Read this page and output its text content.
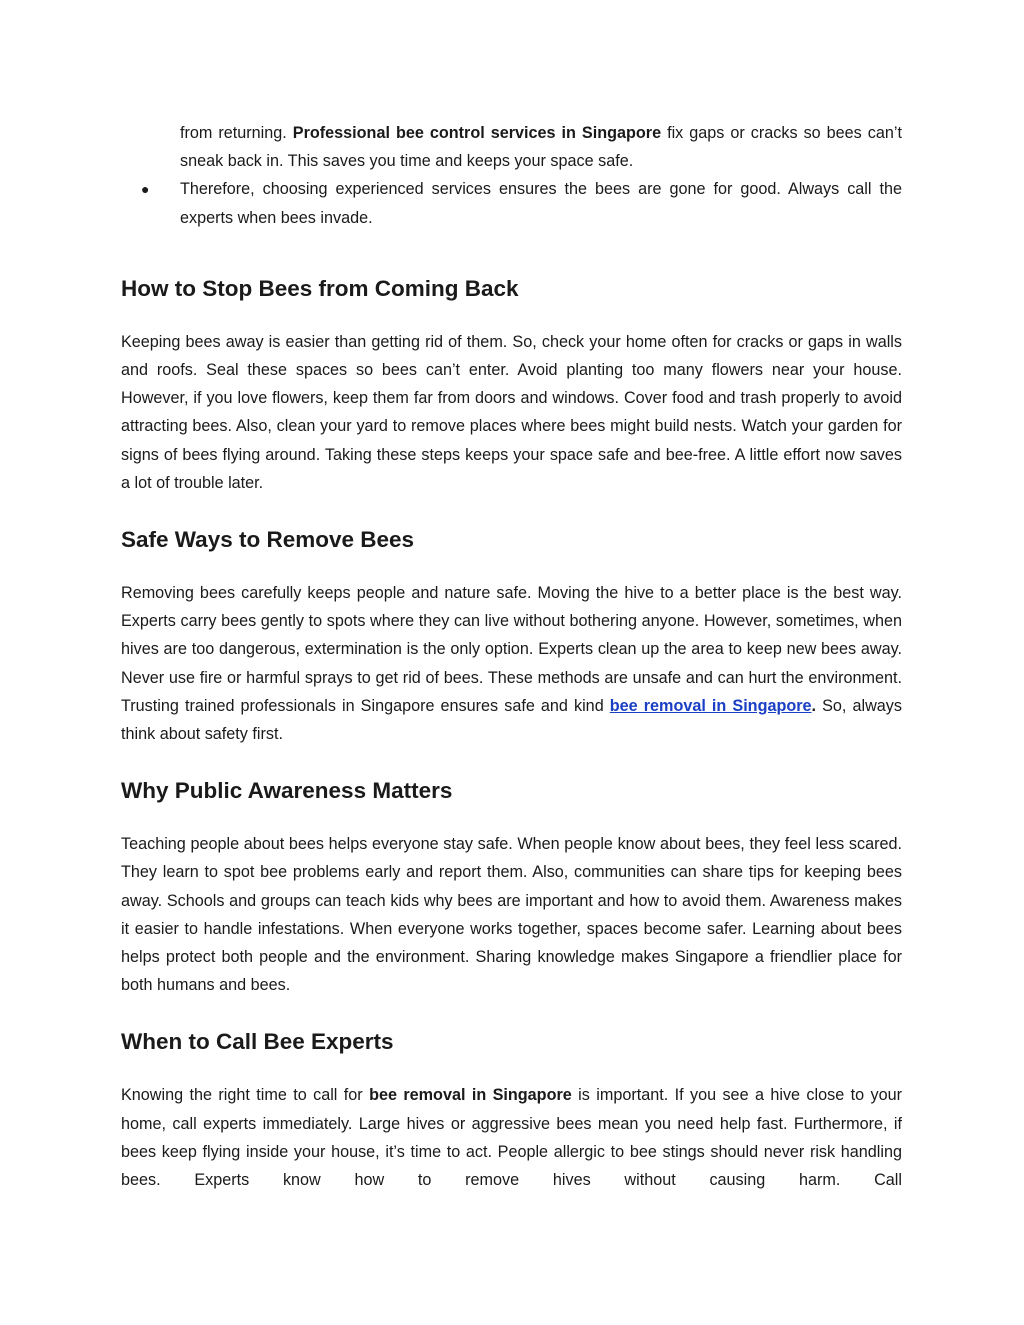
from returning. Professional bee control services in Singapore fix gaps or cracks so bees can’t sneak back in. This saves you time and keeps your space safe.
● Therefore, choosing experienced services ensures the bees are gone for good. Always call the experts when bees invade.
How to Stop Bees from Coming Back

Keeping bees away is easier than getting rid of them. So, check your home often for cracks or gaps in walls and roofs. Seal these spaces so bees can’t enter. Avoid planting too many flowers near your house. However, if you love flowers, keep them far from doors and windows. Cover food and trash properly to avoid attracting bees. Also, clean your yard to remove places where bees might build nests. Watch your garden for signs of bees flying around. Taking these steps keeps your space safe and bee-free. A little effort now saves a lot of trouble later.

Safe Ways to Remove Bees

Removing bees carefully keeps people and nature safe. Moving the hive to a better place is the best way. Experts carry bees gently to spots where they can live without bothering anyone. However, sometimes, when hives are too dangerous, extermination is the only option. Experts clean up the area to keep new bees away. Never use fire or harmful sprays to get rid of bees. These methods are unsafe and can hurt the environment. Trusting trained professionals in Singapore ensures safe and kind bee removal in Singapore. So, always think about safety first.

Why Public Awareness Matters

Teaching people about bees helps everyone stay safe. When people know about bees, they feel less scared. They learn to spot bee problems early and report them. Also, communities can share tips for keeping bees away. Schools and groups can teach kids why bees are important and how to avoid them. Awareness makes it easier to handle infestations. When everyone works together, spaces become safer. Learning about bees helps protect both people and the environment. Sharing knowledge makes Singapore a friendlier place for both humans and bees.

When to Call Bee Experts

Knowing the right time to call for bee removal in Singapore is important. If you see a hive close to your home, call experts immediately. Large hives or aggressive bees mean you need help fast. Furthermore, if bees keep flying inside your house, it’s time to act. People allergic to bee stings should never risk handling bees. Experts know how to remove hives without causing harm. Call
